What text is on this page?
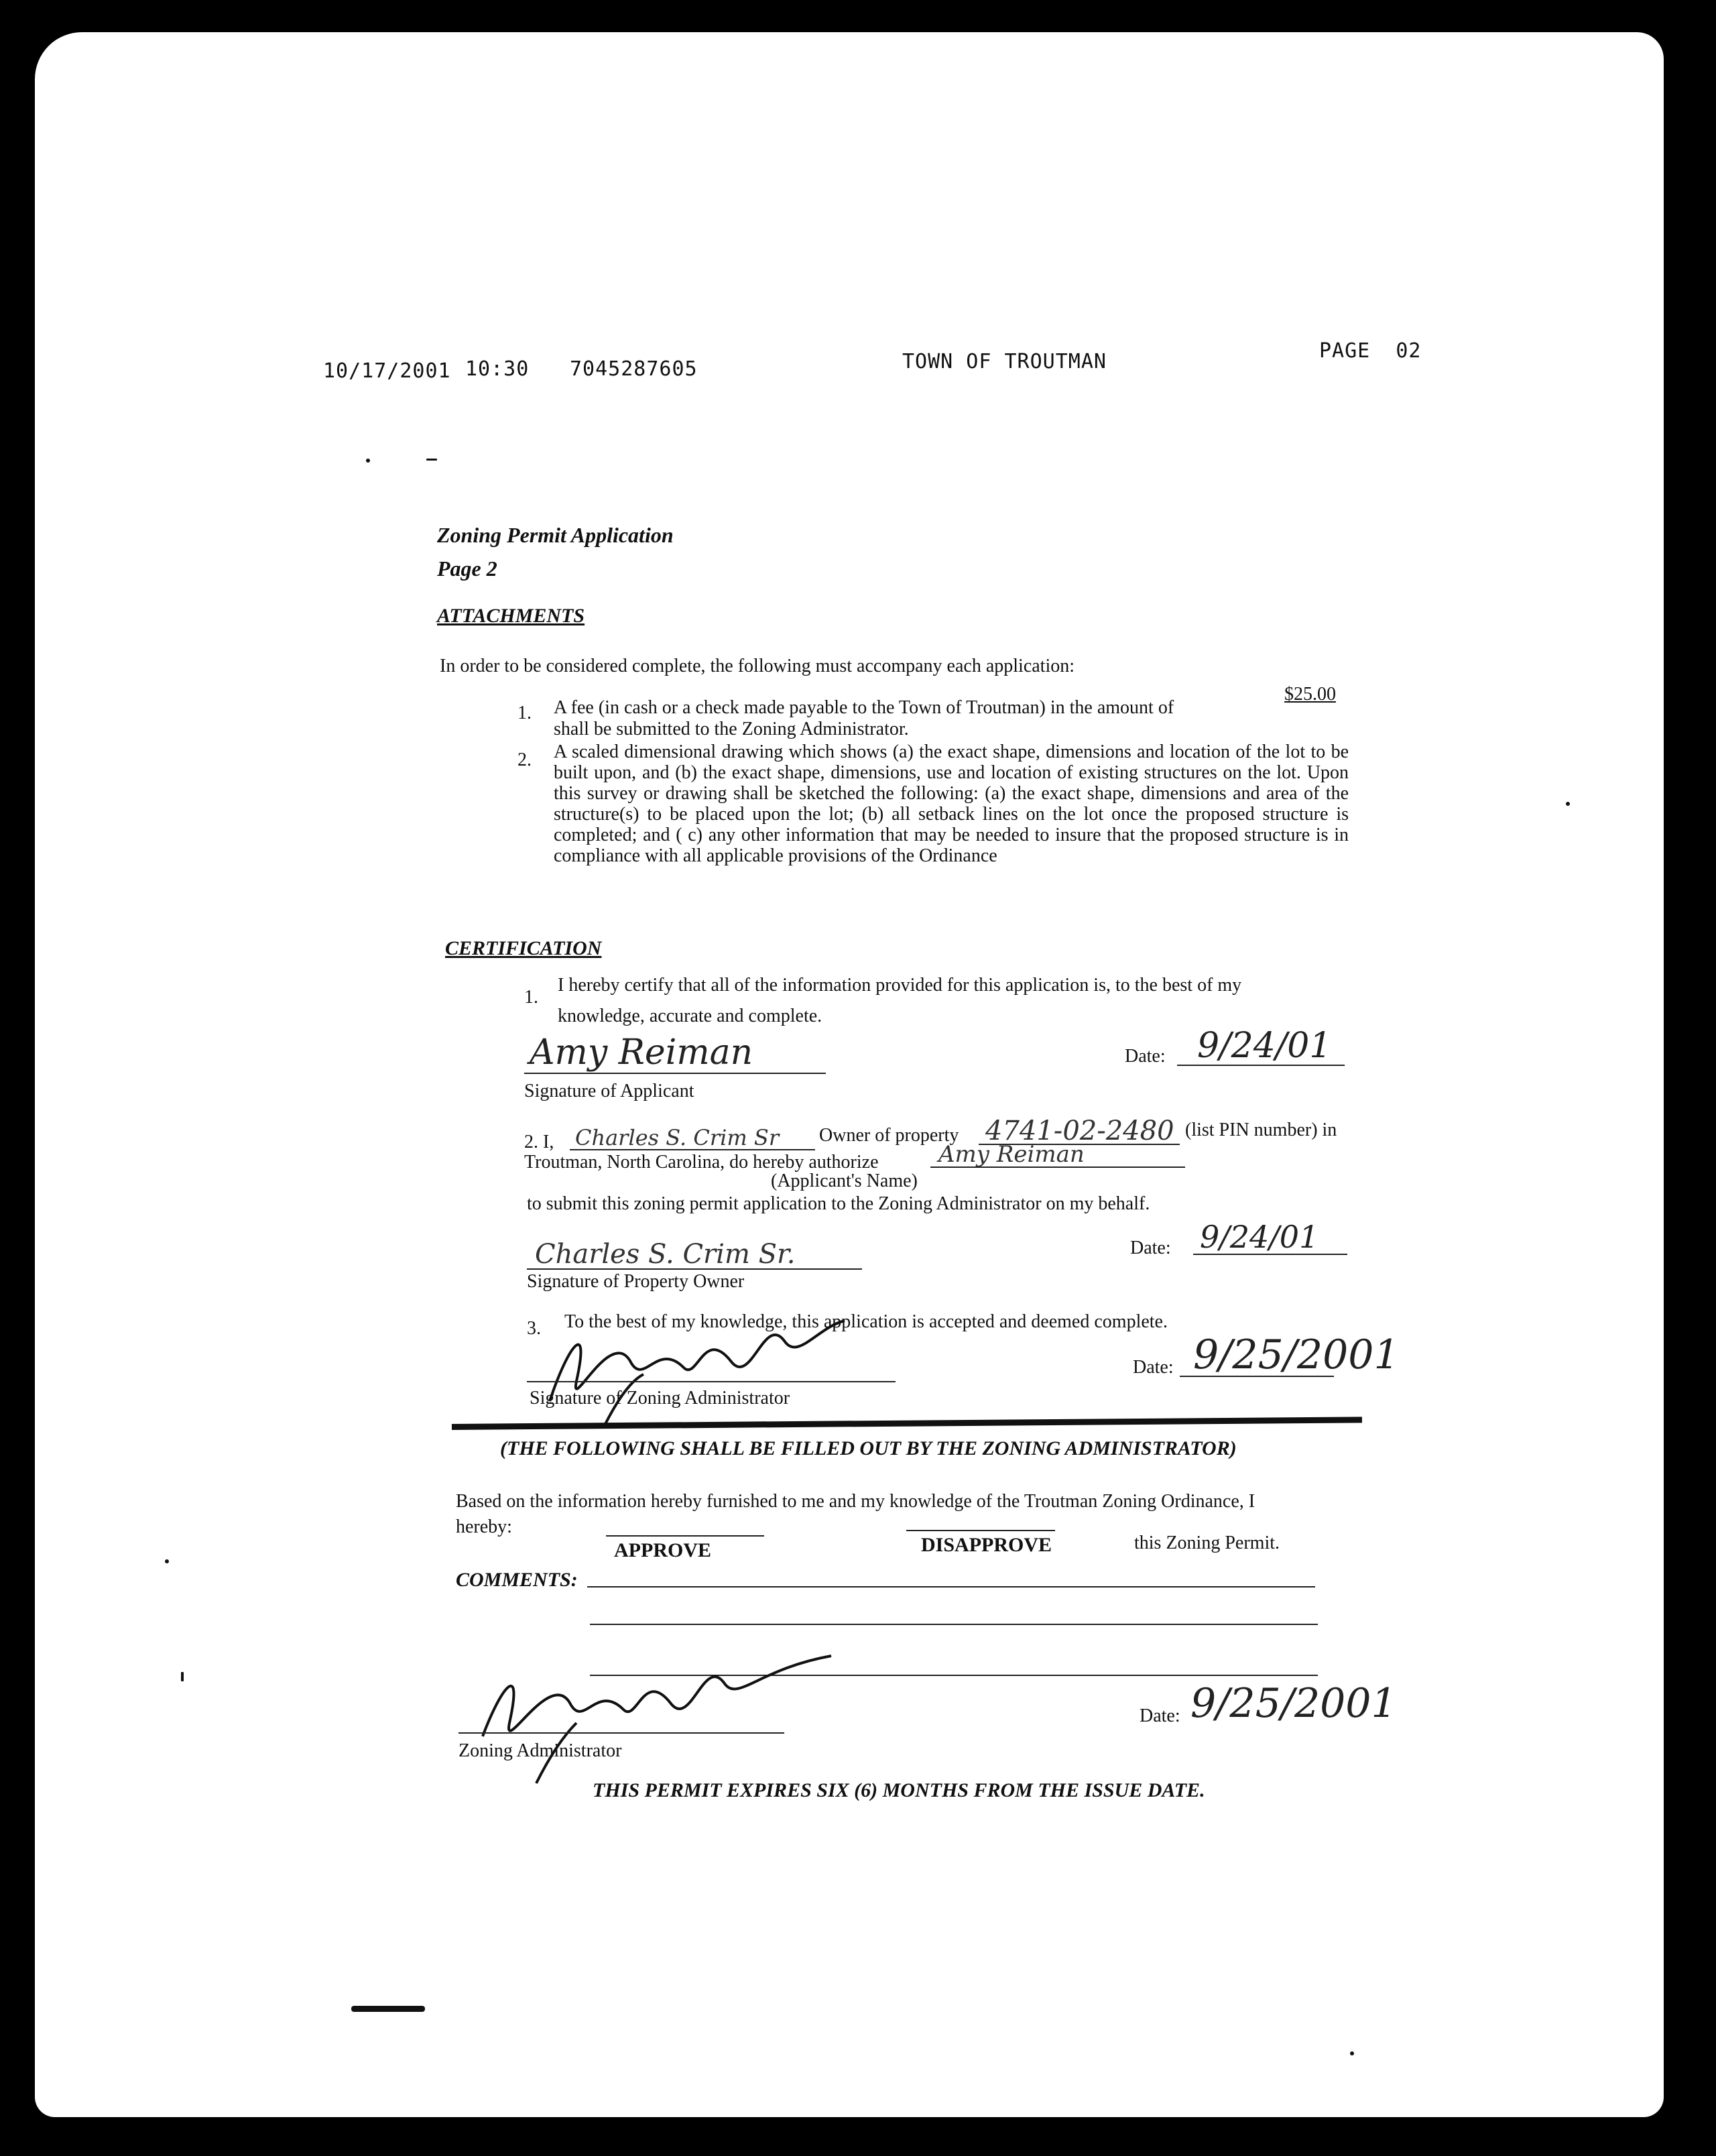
10/17/2001 10:30 7045287605	TOWN OF TROUTMAN	PAGE  02
Zoning Permit Application
Page 2
ATTACHMENTS
In order to be considered complete, the following must accompany each application:
1. A fee (in cash or a check made payable to the Town of Troutman) in the amount of
$25.00
shall be submitted to the Zoning Administrator.
2. A scaled dimensional drawing which shows (a) the exact shape, dimensions and location of the lot to be built upon, and (b) the exact shape, dimensions, use and location of existing structures on the lot. Upon this survey or drawing shall be sketched the following: (a) the exact shape, dimensions and area of the structure(s) to be placed upon the lot; (b) all setback lines on the lot once the proposed structure is completed; and ( c) any other information that may be needed to insure that the proposed structure is in compliance with all applicable provisions of the Ordinance
CERTIFICATION
1.
I hereby certify that all of the information provided for this application is, to the best of my
knowledge, accurate and complete.
Amy Reiman
Signature of Applicant
Date: 9/24/01
2. I, Charles S. Crim Sr Owner of property 4741-02-2480 (list PIN number) in
Troutman, North Carolina, do hereby authorize	Amy Reiman
(Applicant's Name)
to submit this zoning permit application to the Zoning Administrator on my behalf.
Charles S. Crim Sr.
Signature of Property Owner
Date: 9/24/01
3. To the best of my knowledge, this application is accepted and deemed complete.
Signature of Zoning Administrator
Date: 9/25/2001
(THE FOLLOWING SHALL BE FILLED OUT BY THE ZONING ADMINISTRATOR)
Based on the information hereby furnished to me and my knowledge of the Troutman Zoning Ordinance, I
hereby:
APPROVE	DISAPPROVE	this Zoning Permit.
COMMENTS:
Zoning Administrator
Date: 9/25/2001
THIS PERMIT EXPIRES SIX (6) MONTHS FROM THE ISSUE DATE.
